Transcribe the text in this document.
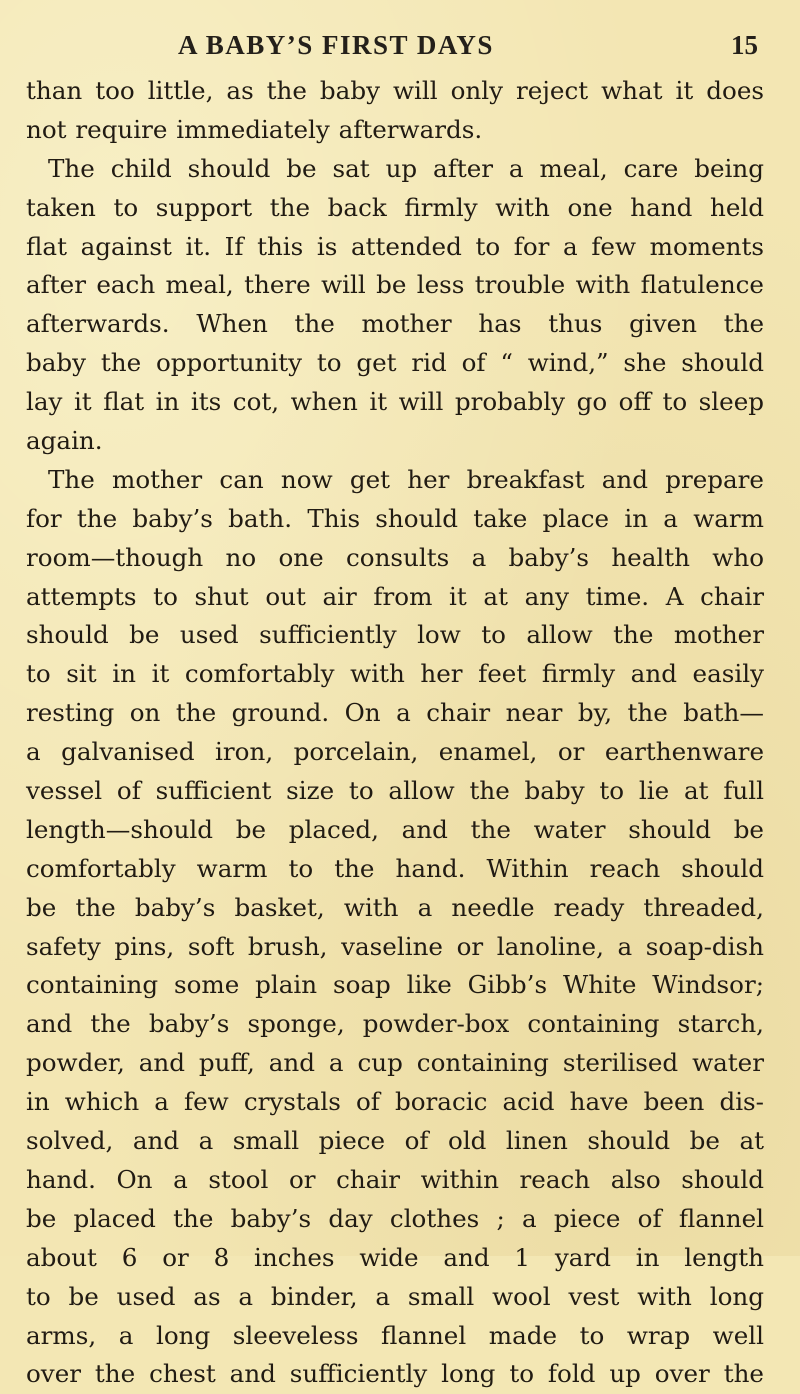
A BABY’S FIRST DAYS	15
than too little, as the baby will only reject what it does
not require immediately afterwards.
The child should be sat up after a meal, care being
taken to support the back firmly with one hand held
flat against it. If this is attended to for a few moments
after each meal, there will be less trouble with flatulence
afterwards. When the mother has thus given the
baby the opportunity to get rid of “ wind,” she should
lay it flat in its cot, when it will probably go off to sleep
again.
The mother can now get her breakfast and prepare
for the baby’s bath. This should take place in a warm
room—though no one consults a baby’s health who
attempts to shut out air from it at any time. A chair
should be used sufficiently low to allow the mother
to sit in it comfortably with her feet firmly and easily
resting on the ground. On a chair near by, the bath—
a galvanised iron, porcelain, enamel, or earthenware
vessel of sufficient size to allow the baby to lie at full
length—should be placed, and the water should be
comfortably warm to the hand. Within reach should
be the baby’s basket, with a needle ready threaded,
safety pins, soft brush, vaseline or lanoline, a soap-dish
containing some plain soap like Gibb’s White Windsor;
and the baby’s sponge, powder-box containing starch,
powder, and puff, and a cup containing sterilised water
in which a few crystals of boracic acid have been dis-
solved, and a small piece of old linen should be at
hand. On a stool or chair within reach also should
be placed the baby’s day clothes ; a piece of flannel
about 6 or 8 inches wide and 1 yard in length
to be used as a binder, a small wool vest with long
arms, a long sleeveless flannel made to wrap well
over the chest and sufficiently long to fold up over the
